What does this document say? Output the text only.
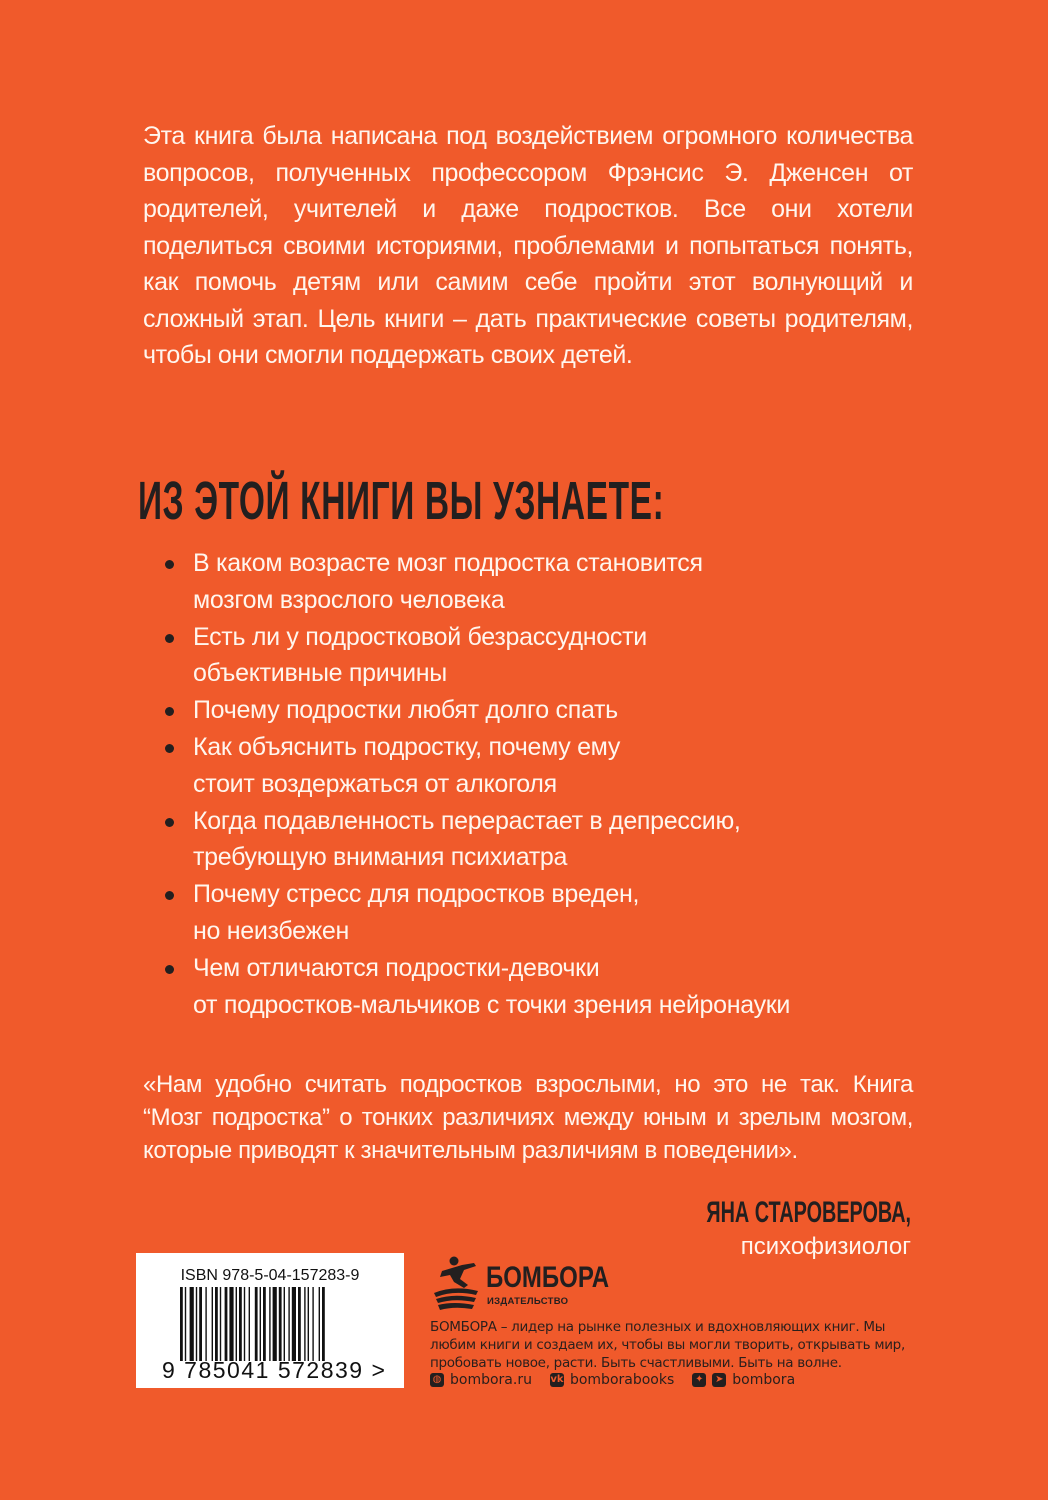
Эта книга была написана под воздействием огромного количества вопросов, полученных профессором Фрэнсис Э. Дженсен от родителей, учителей и даже подростков. Все они хотели поделиться своими историями, проблемами и попытаться понять, как помочь детям или самим себе пройти этот волнующий и сложный этап. Цель книги – дать практические советы родителям, чтобы они смогли поддержать своих детей.
ИЗ ЭТОЙ КНИГИ ВЫ УЗНАЕТЕ:
В каком возрасте мозг подростка становится
мозгом взрослого человека
Есть ли у подростковой безрассудности
объективные причины
Почему подростки любят долго спать
Как объяснить подростку, почему ему
стоит воздержаться от алкоголя
Когда подавленность перерастает в депрессию,
требующую внимания психиатра
Почему стресс для подростков вреден,
но неизбежен
Чем отличаются подростки-девочки
от подростков-мальчиков с точки зрения нейронауки
«Нам удобно считать подростков взрослыми, но это не так. Книга “Мозг подростка” о тонких различиях между юным и зрелым мозгом, которые приводят к значительным различиям в поведении».
ЯНА СТАРОВЕРОВА,
психофизиолог
ISBN 978-5-04-157283-9
9 785041 572839 >
БОМБОРА
ИЗДАТЕЛЬСТВО
БОМБОРА – лидер на рынке полезных и вдохновляющих книг. Мы любим книги и создаем их, чтобы вы могли творить, открывать мир, пробовать новое, расти. Быть счастливыми. Быть на волне.
◍ bombora.ru vk bomborabooks ✦ ➤ bombora
